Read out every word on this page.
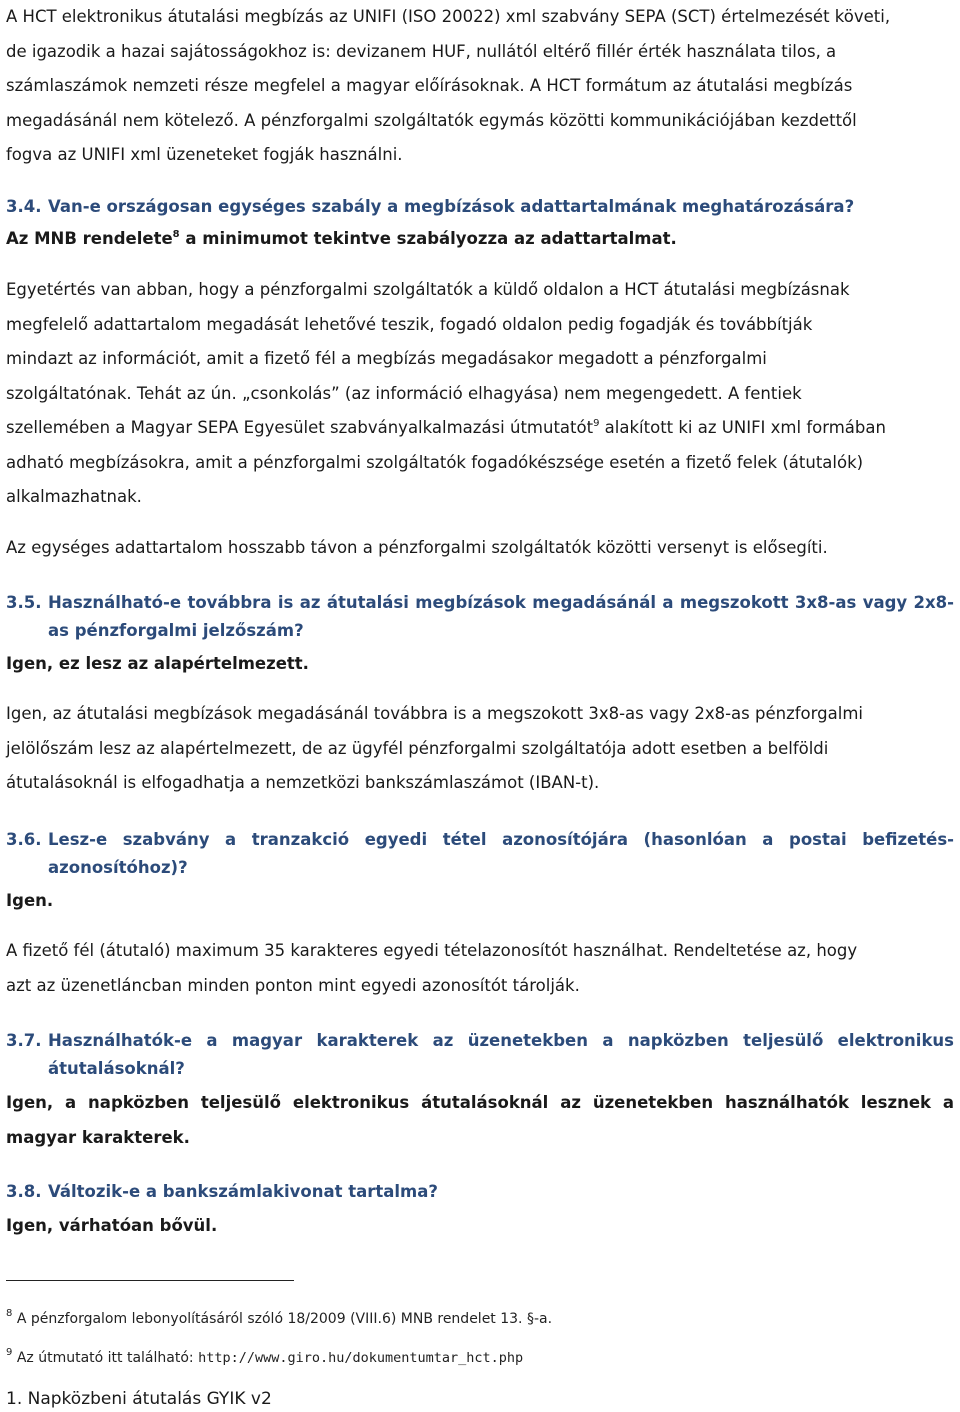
A HCT elektronikus átutalási megbízás az UNIFI (ISO 20022) xml szabvány SEPA (SCT) értelmezését követi,

de igazodik a hazai sajátosságokhoz is: devizanem HUF, nullától eltérő fillér érték használata tilos, a

számlaszámok nemzeti része megfelel a magyar előírásoknak. A HCT formátum az átutalási megbízás

megadásánál nem kötelező. A pénzforgalmi szolgáltatók egymás közötti kommunikációjában kezdettől

fogva az UNIFI xml üzeneteket fogják használni.

3.4. Van-e országosan egységes szabály a megbízások adattartalmának meghatározására?

Az MNB rendelete$^8$ a minimumot tekintve szabályozza az adattartalmat.

Egyetértés van abban, hogy a pénzforgalmi szolgáltatók a küldő oldalon a HCT átutalási megbízásnak

megfelelő adattartalom megadását lehetővé teszik, fogadó oldalon pedig fogadják és továbbítják

mindazt az információt, amit a fizető fél a megbízás megadásakor megadott a pénzforgalmi

szolgáltatónak. Tehát az ún. „csonkolás” (az információ elhagyása) nem megengedett. A fentiek

szellemében a Magyar SEPA Egyesület szabványalkalmazási útmutatót$^9$ alakított ki az UNIFI xml formában

adható megbízásokra, amit a pénzforgalmi szolgáltatók fogadókészsége esetén a fizető felek (átutalók)

alkalmazhatnak.

Az egységes adattartalom hosszabb távon a pénzforgalmi szolgáltatók közötti versenyt is elősegíti.

3.5. Használható-e továbbra is az átutalási megbízások megadásánál a megszokott 3x8-as vagy 2x8-as pénzforgalmi jelzőszám?

Igen, ez lesz az alapértelmezett.

Igen, az átutalási megbízások megadásánál továbbra is a megszokott 3x8-as vagy 2x8-as pénzforgalmi

jelölőszám lesz az alapértelmezett, de az ügyfél pénzforgalmi szolgáltatója adott esetben a belföldi

átutalásoknál is elfogadhatja a nemzetközi bankszámlaszámot (IBAN-t).

3.6. Lesz-e szabvány a tranzakció egyedi tétel azonosítójára (hasonlóan a postai befizetés-azonosítóhoz)?

Igen.

A fizető fél (átutaló) maximum 35 karakteres egyedi tételazonosítót használhat. Rendeltetése az, hogy

azt az üzenetláncban minden ponton mint egyedi azonosítót tárolják.

3.7. Használhatók-e a magyar karakterek az üzenetekben a napközben teljesülő elektronikus átutalásoknál?

Igen, a napközben teljesülő elektronikus átutalásoknál az üzenetekben használhatók lesznek a

magyar karakterek.

3.8. Változik-e a bankszámlakivonat tartalma?

Igen, várhatóan bővül.

$^8$ A pénzforgalom lebonyolításáról szóló 18/2009 (VIII.6) MNB rendelet 13. §-a.
$^9$ Az útmutató itt található: http://www.giro.hu/dokumentumtar_hct.php

1. Napközbeni átutalás GYIK v2
